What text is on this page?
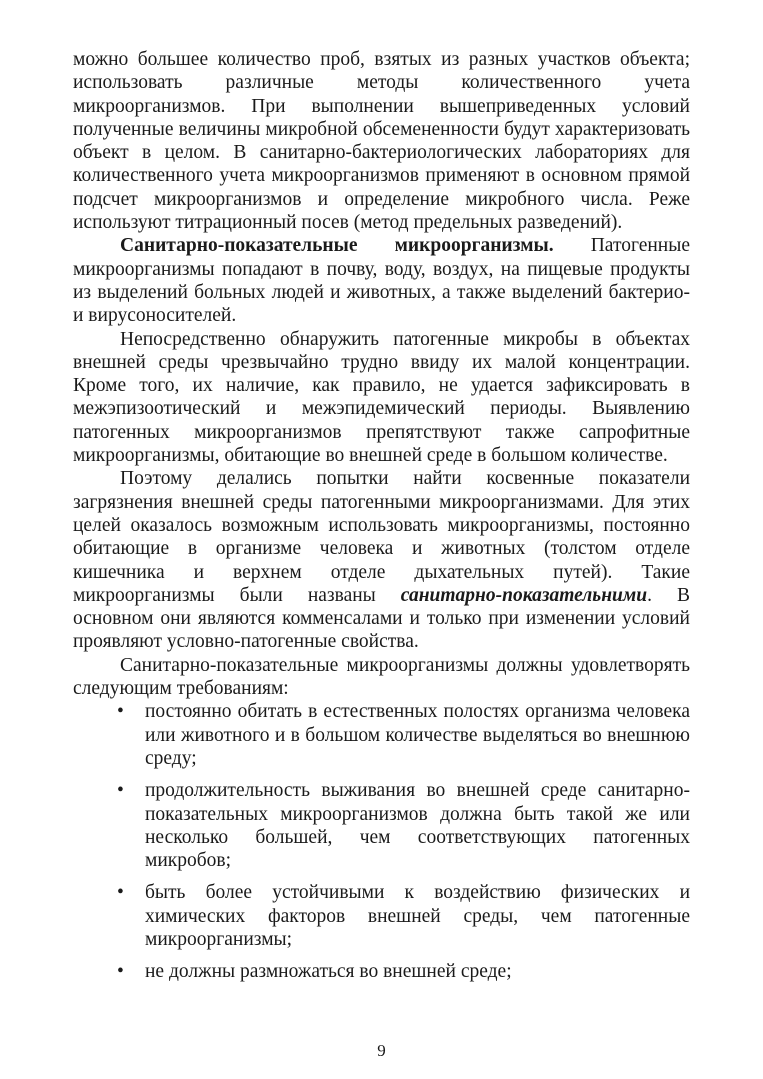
можно большее количество проб, взятых из разных участков объекта; использовать различные методы количественного учета микроорганизмов. При выполнении вышеприведенных условий полученные величины микробной обсемененности будут характеризовать объект в целом. В санитарно-бактериологических лабораториях для количественного учета микроорганизмов применяют в основном прямой подсчет микроорганизмов и определение микробного числа. Реже используют титрационный посев (метод предельных разведений).

Санитарно-показательные микроорганизмы. Патогенные микроорганизмы попадают в почву, воду, воздух, на пищевые продукты из выделений больных людей и животных, а также выделений бактерио- и вирусоносителей.

Непосредственно обнаружить патогенные микробы в объектах внешней среды чрезвычайно трудно ввиду их малой концентрации. Кроме того, их наличие, как правило, не удается зафиксировать в межэпизоотический и межэпидемический периоды. Выявлению патогенных микроорганизмов препятствуют также сапрофитные микроорганизмы, обитающие во внешней среде в большом количестве.

Поэтому делались попытки найти косвенные показатели загрязнения внешней среды патогенными микроорганизмами. Для этих целей оказалось возможным использовать микроорганизмы, постоянно обитающие в организме человека и животных (толстом отделе кишечника и верхнем отделе дыхательных путей). Такие микроорганизмы были названы санитарно-показательними. В основном они являются комменсалами и только при изменении условий проявляют условно-патогенные свойства.

Санитарно-показательные микроорганизмы должны удовлетворять следующим требованиям:

• постоянно обитать в естественных полостях организма человека или животного и в большом количестве выделяться во внешнюю среду;
• продолжительность выживания во внешней среде санитарно-показательных микроорганизмов должна быть такой же или несколько большей, чем соответствующих патогенных микробов;
• быть более устойчивыми к воздействию физических и химических факторов внешней среды, чем патогенные микроорганизмы;
• не должны размножаться во внешней среде;
9
